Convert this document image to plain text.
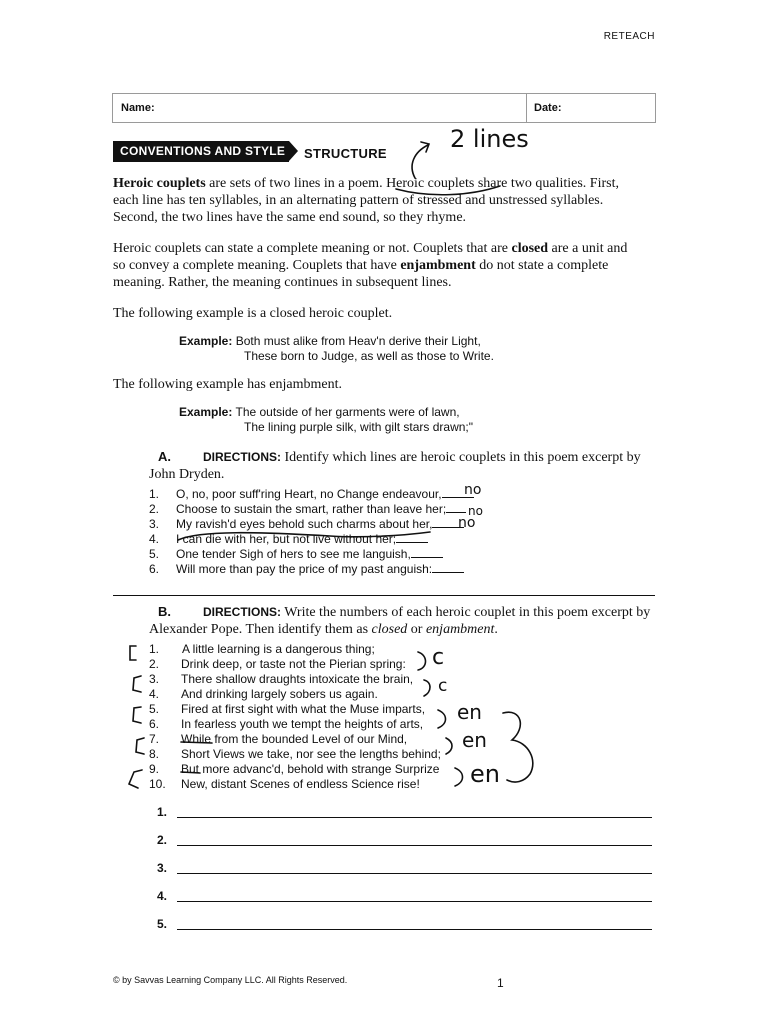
RETEACH
Name:	Date:
CONVENTIONS AND STYLE STRUCTURE
Heroic couplets are sets of two lines in a poem. Heroic couplets share two qualities. First, each line has ten syllables, in an alternating pattern of stressed and unstressed syllables. Second, the two lines have the same end sound, so they rhyme.
Heroic couplets can state a complete meaning or not. Couplets that are closed are a unit and so convey a complete meaning. Couplets that have enjambment do not state a complete meaning. Rather, the meaning continues in subsequent lines.
The following example is a closed heroic couplet.
Example: Both must alike from Heav'n derive their Light,
These born to Judge, as well as those to Write.
The following example has enjambment.
Example: The outside of her garments were of lawn,
The lining purple silk, with gilt stars drawn;"
A.	DIRECTIONS: Identify which lines are heroic couplets in this poem excerpt by John Dryden.
1. O, no, poor suff'ring Heart, no Change endeavour,
2. Choose to sustain the smart, rather than leave her;
3. My ravish'd eyes behold such charms about her,
4. I can die with her, but not live without her;
5. One tender Sigh of hers to see me languish,
6. Will more than pay the price of my past anguish:
no
no
no
B.	DIRECTIONS: Write the numbers of each heroic couplet in this poem excerpt by Alexander Pope. Then identify them as closed or enjambment.
1. A little learning is a dangerous thing;
2. Drink deep, or taste not the Pierian spring:
3. There shallow draughts intoxicate the brain,
4. And drinking largely sobers us again.
5. Fired at first sight with what the Muse imparts,
6. In fearless youth we tempt the heights of arts,
7. While from the bounded Level of our Mind,
8. Short Views we take, nor see the lengths behind;
9. But more advanc'd, behold with strange Surprize
10. New, distant Scenes of endless Science rise!
c
c
en
en
en
2 lines
1.
2.
3.
4.
5.
© by Savvas Learning Company LLC. All Rights Reserved.	1
